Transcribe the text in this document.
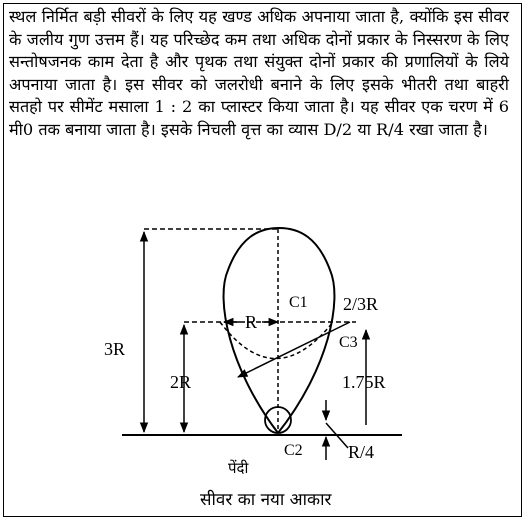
स्थल निर्मित बड़ी सीवरों के लिए यह खण्ड अधिक अपनाया जाता है, क्योंकि इस सीवर के जलीय गुण उत्तम हैं। यह परिच्छेद कम तथा अधिक दोनों प्रकार के निस्सरण के लिए सन्तोषजनक काम देता है और पृथक तथा संयुक्त दोनों प्रकार की प्रणालियों के लिये अपनाया जाता है। इस सीवर को जलरोधी बनाने के लिए इसके भीतरी तथा बाहरी सतहो पर सीमेंट मसाला 1 : 2 का प्लास्टर किया जाता है। यह सीवर एक चरण में 6 मी0 तक बनाया जाता है। इसके निचली वृत्त का व्यास D/2 या R/4 रखा जाता है।

3R
2R
R
C1 2/3R
C3
1.75R
C2	R/4
पेंदी
सीवर का नया आकार
